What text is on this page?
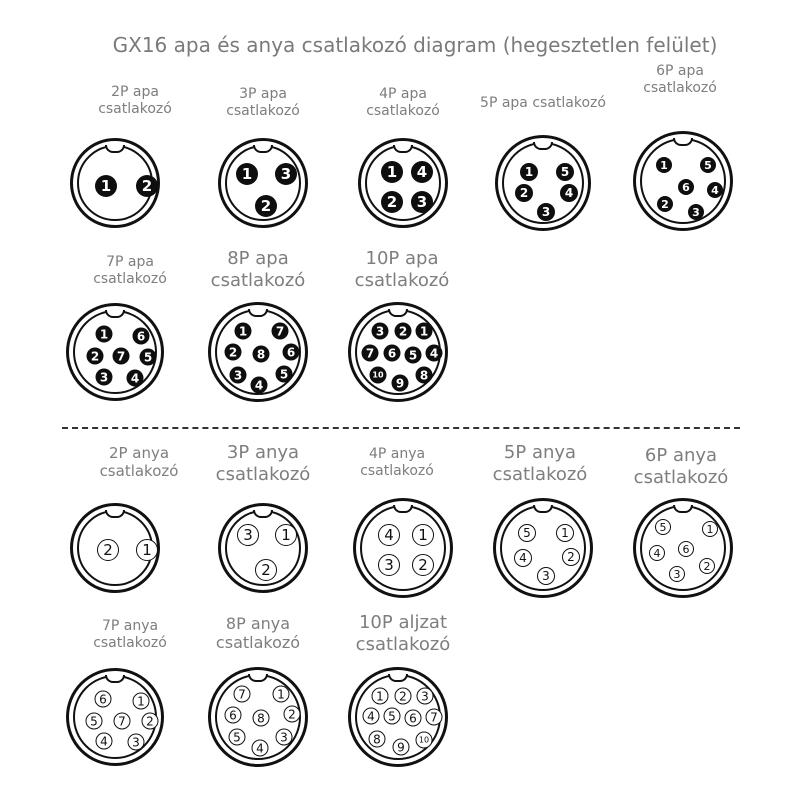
GX16 apa és anya csatlakozó diagram (hegesztetlen felület)
2P apa
csatlakozó
1	2
3P apa
csatlakozó
1	3
2
4P apa
csatlakozó
1	4
2	3
5P apa csatlakozó
1	5
2	4
3
6P apa
csatlakozó
1	5
6	4
2
3
7P apa
csatlakozó
1	6
2	7	5
3	4
8P apa
csatlakozó
1	7
2	8	6
3	5
4
10P apa
csatlakozó
3	2	1
7	6	5	4
10
9
8
2P anya
csatlakozó
2	1
3P anya
csatlakozó
3	1
2
4P anya
csatlakozó
4	1
3	2
5P anya
csatlakozó
5	1
4	2
3
6P anya
csatlakozó
5	1
4	6
2
3
7P anya
csatlakozó
6	1
5	7	2
4	3
8P anya
csatlakozó
7	1
6	8	2
5	3
4
10P aljzat
csatlakozó
1	2	3
4	5	6	7
8
9	10
